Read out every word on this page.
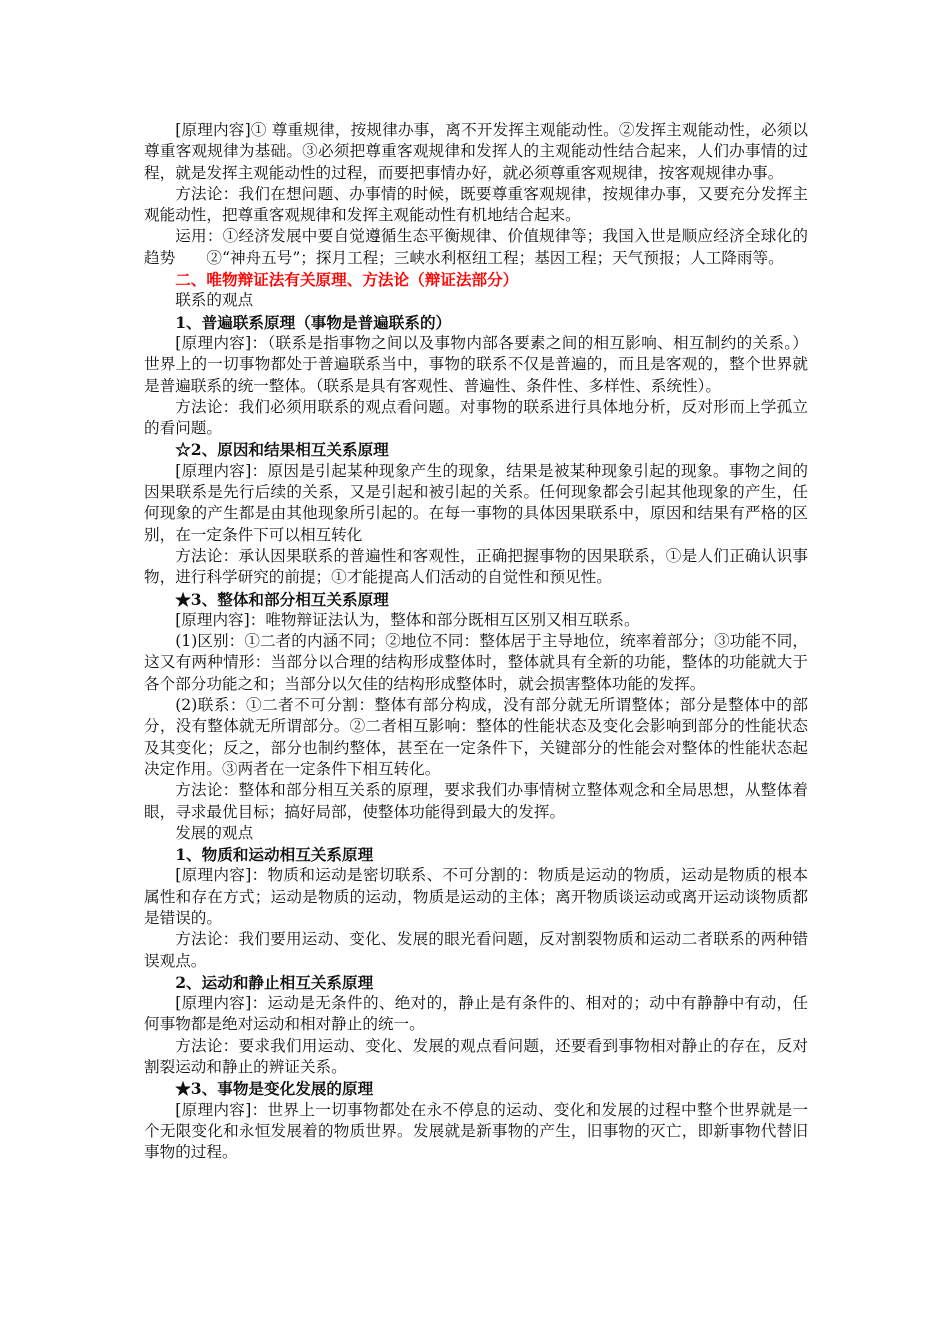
[原理内容]① 尊重规律，按规律办事，离不开发挥主观能动性。②发挥主观能动性，必须以尊重客观规律为基础。③必须把尊重客观规律和发挥人的主观能动性结合起来，人们办事情的过程，就是发挥主观能动性的过程，而要把事情办好，就必须尊重客观规律，按客观规律办事。

方法论：我们在想问题、办事情的时候，既要尊重客观规律，按规律办事，又要充分发挥主观能动性，把尊重客观规律和发挥主观能动性有机地结合起来。

运用：①经济发展中要自觉遵循生态平衡规律、价值规律等；我国入世是顺应经济全球化的趋势　　②“神舟五号”；探月工程；三峡水利枢纽工程；基因工程；天气预报；人工降雨等。

二、唯物辩证法有关原理、方法论（辩证法部分）

联系的观点

1、普遍联系原理（事物是普遍联系的）

[原理内容]：（联系是指事物之间以及事物内部各要素之间的相互影响、相互制约的关系。）世界上的一切事物都处于普遍联系当中，事物的联系不仅是普遍的，而且是客观的，整个世界就是普遍联系的统一整体。（联系是具有客观性、普遍性、条件性、多样性、系统性）。

方法论：我们必须用联系的观点看问题。对事物的联系进行具体地分析，反对形而上学孤立的看问题。

☆2、原因和结果相互关系原理

[原理内容]：原因是引起某种现象产生的现象，结果是被某种现象引起的现象。事物之间的因果联系是先行后续的关系，又是引起和被引起的关系。任何现象都会引起其他现象的产生，任何现象的产生都是由其他现象所引起的。在每一事物的具体因果联系中，原因和结果有严格的区别，在一定条件下可以相互转化

方法论：承认因果联系的普遍性和客观性，正确把握事物的因果联系，①是人们正确认识事物，进行科学研究的前提；①才能提高人们活动的自觉性和预见性。

★3、整体和部分相互关系原理

[原理内容]：唯物辩证法认为，整体和部分既相互区别又相互联系。

(1)区别：①二者的内涵不同；②地位不同：整体居于主导地位，统率着部分；③功能不同，这又有两种情形：当部分以合理的结构形成整体时，整体就具有全新的功能，整体的功能就大于各个部分功能之和；当部分以欠佳的结构形成整体时，就会损害整体功能的发挥。

(2)联系：①二者不可分割：整体有部分构成，没有部分就无所谓整体；部分是整体中的部分，没有整体就无所谓部分。②二者相互影响：整体的性能状态及变化会影响到部分的性能状态及其变化；反之，部分也制约整体，甚至在一定条件下，关键部分的性能会对整体的性能状态起决定作用。③两者在一定条件下相互转化。

方法论：整体和部分相互关系的原理，要求我们办事情树立整体观念和全局思想，从整体着眼，寻求最优目标；搞好局部，使整体功能得到最大的发挥。

发展的观点

1、物质和运动相互关系原理

[原理内容]：物质和运动是密切联系、不可分割的：物质是运动的物质，运动是物质的根本属性和存在方式；运动是物质的运动，物质是运动的主体；离开物质谈运动或离开运动谈物质都是错误的。

方法论：我们要用运动、变化、发展的眼光看问题，反对割裂物质和运动二者联系的两种错误观点。

2、运动和静止相互关系原理

[原理内容]：运动是无条件的、绝对的，静止是有条件的、相对的；动中有静静中有动，任何事物都是绝对运动和相对静止的统一。

方法论：要求我们用运动、变化、发展的观点看问题，还要看到事物相对静止的存在，反对割裂运动和静止的辨证关系。

★3、事物是变化发展的原理

[原理内容]：世界上一切事物都处在永不停息的运动、变化和发展的过程中整个世界就是一个无限变化和永恒发展着的物质世界。发展就是新事物的产生，旧事物的灭亡，即新事物代替旧事物的过程。
